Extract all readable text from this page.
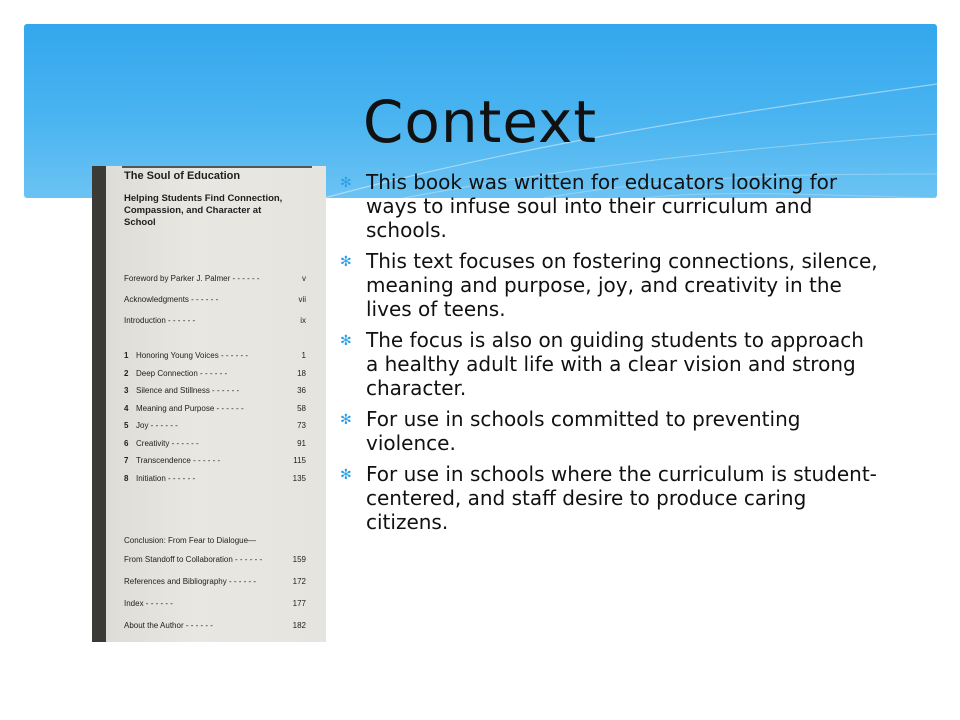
Context
The Soul of Education
Helping Students Find Connection, Compassion, and Character at School
Foreword by Parker J. Palmer - - - - - -	v
Acknowledgments - - - - - -	vii
Introduction - - - - - -	ix
1 Honoring Young Voices - - - - - -	1
2 Deep Connection - - - - - -	18
3 Silence and Stillness - - - - - -	36
4 Meaning and Purpose - - - - - -	58
5 Joy - - - - - -	73
6 Creativity - - - - - -	91
7 Transcendence - - - - - -	115
8 Initiation - - - - - -	135
Conclusion: From Fear to Dialogue—
From Standoff to Collaboration - - - - - -	159
References and Bibliography - - - - - -	172
Index - - - - - -	177
About the Author - - - - - -	182
✻ This book was written for educators looking for ways to infuse soul into their curriculum and schools.
✻ This text focuses on fostering connections, silence, meaning and purpose, joy, and creativity in the lives of teens.
✻ The focus is also on guiding students to approach a healthy adult life with a clear vision and strong character.
✻ For use in schools committed to preventing violence.
✻ For use in schools where the curriculum is student-centered, and staff desire to produce caring citizens.
